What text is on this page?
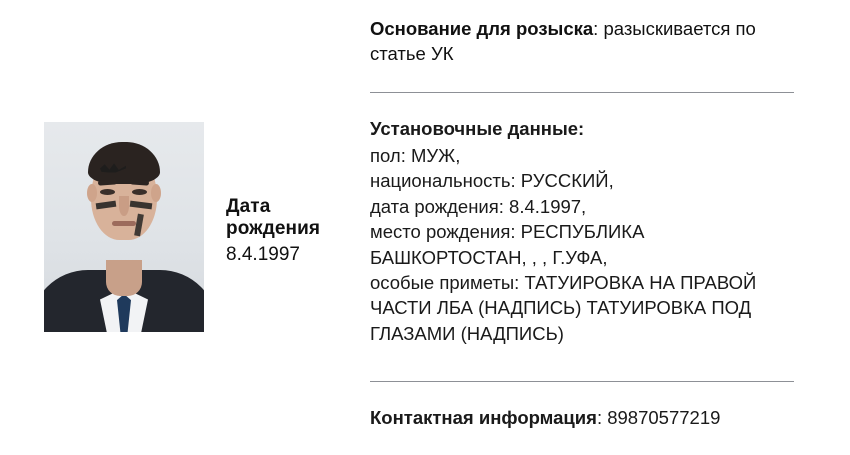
Дата
рождения
8.4.1997
Основание для розыска: разыскивается по статье УК
Установочные данные:
пол: МУЖ,
национальность: РУССКИЙ,
дата рождения: 8.4.1997,
место рождения: РЕСПУБЛИКА БАШКОРТОСТАН, , , Г.УФА,
особые приметы: ТАТУИРОВКА НА ПРАВОЙ ЧАСТИ ЛБА (НАДПИСЬ) ТАТУИРОВКА ПОД ГЛАЗАМИ (НАДПИСЬ)
Контактная информация: 89870577219
